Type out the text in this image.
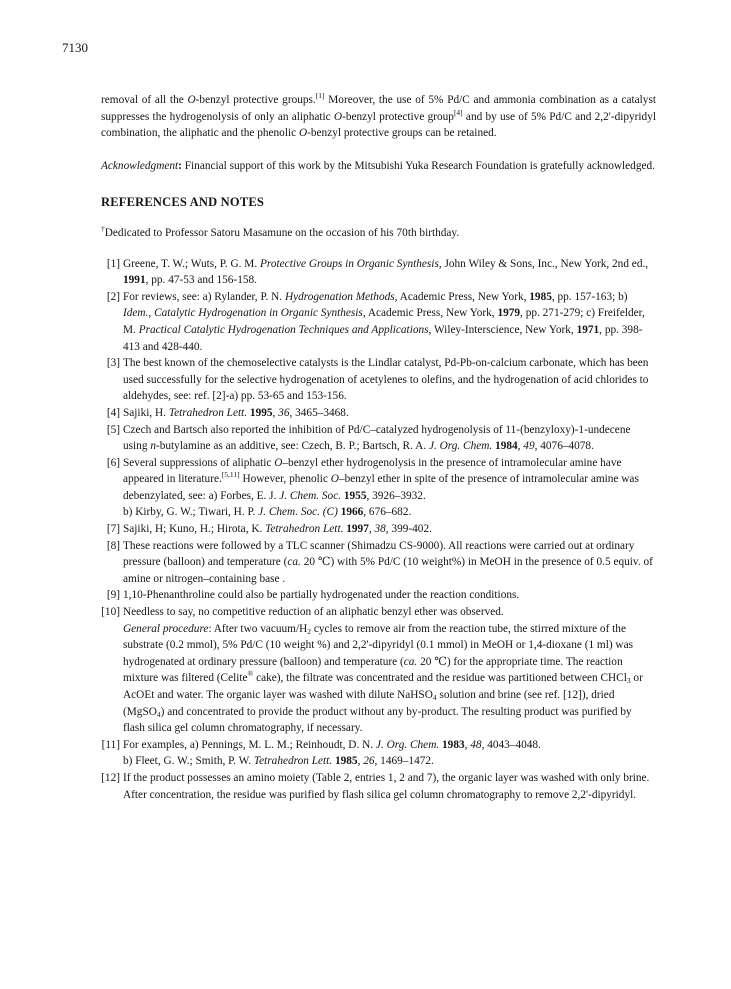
7130

removal of all the O-benzyl protective groups.[1] Moreover, the use of 5% Pd/C and ammonia combination as a catalyst suppresses the hydrogenolysis of only an aliphatic O-benzyl protective group[4] and by use of 5% Pd/C and 2,2'-dipyridyl combination, the aliphatic and the phenolic O-benzyl protective groups can be retained.

Acknowledgment: Financial support of this work by the Mitsubishi Yuka Research Foundation is gratefully acknowledged.

REFERENCES AND NOTES

†Dedicated to Professor Satoru Masamune on the occasion of his 70th birthday.

[1] Greene, T. W.; Wuts, P. G. M. Protective Groups in Organic Synthesis, John Wiley & Sons, Inc., New York, 2nd ed., 1991, pp. 47-53 and 156-158.
[2] For reviews, see: a) Rylander, P. N. Hydrogenation Methods, Academic Press, New York, 1985, pp. 157-163; b) Idem., Catalytic Hydrogenation in Organic Synthesis, Academic Press, New York, 1979, pp. 271-279; c) Freifelder, M. Practical Catalytic Hydrogenation Techniques and Applications, Wiley-Interscience, New York, 1971, pp. 398-413 and 428-440.
[3] The best known of the chemoselective catalysts is the Lindlar catalyst, Pd-Pb-on-calcium carbonate, which has been used successfully for the selective hydrogenation of acetylenes to olefins, and the hydrogenation of acid chlorides to aldehydes, see: ref. [2]-a) pp. 53-65 and 153-156.
[4] Sajiki, H. Tetrahedron Lett. 1995, 36, 3465–3468.
[5] Czech and Bartsch also reported the inhibition of Pd/C–catalyzed hydrogenolysis of 11-(benzyloxy)-1-undecene using n-butylamine as an additive, see: Czech, B. P.; Bartsch, R. A. J. Org. Chem. 1984, 49, 4076–4078.
[6] Several suppressions of aliphatic O–benzyl ether hydrogenolysis in the presence of intramolecular amine have appeared in literature.[5,11] However, phenolic O–benzyl ether in spite of the presence of intramolecular amine was debenzylated, see: a) Forbes, E. J. J. Chem. Soc. 1955, 3926–3932.
b) Kirby, G. W.; Tiwari, H. P. J. Chem. Soc. (C) 1966, 676–682.
[7] Sajiki, H; Kuno, H.; Hirota, K. Tetrahedron Lett. 1997, 38, 399-402.
[8] These reactions were followed by a TLC scanner (Shimadzu CS-9000). All reactions were carried out at ordinary pressure (balloon) and temperature (ca. 20 ℃) with 5% Pd/C (10 weight%) in MeOH in the presence of 0.5 equiv. of amine or nitrogen–containing base .
[9] 1,10-Phenanthroline could also be partially hydrogenated under the reaction conditions.
[10] Needless to say, no competitive reduction of an aliphatic benzyl ether was observed.
General procedure: After two vacuum/$H_2$ cycles to remove air from the reaction tube, the stirred mixture of the substrate (0.2 mmol), 5% Pd/C (10 weight %) and 2,2'-dipyridyl (0.1 mmol) in MeOH or 1,4-dioxane (1 ml) was hydrogenated at ordinary pressure (balloon) and temperature (ca. 20 ℃) for the appropriate time. The reaction mixture was filtered (Celite® cake), the filtrate was concentrated and the residue was partitioned between CHCl$_3$ or AcOEt and water. The organic layer was washed with dilute NaHSO$_4$ solution and brine (see ref. [12]), dried (MgSO$_4$) and concentrated to provide the product without any by-product. The resulting product was purified by flash silica gel column chromatography, if necessary.
[11] For examples, a) Pennings, M. L. M.; Reinhoudt, D. N. J. Org. Chem. 1983, 48, 4043–4048.
b) Fleet, G. W.; Smith, P. W. Tetrahedron Lett. 1985, 26, 1469–1472.
[12] If the product possesses an amino moiety (Table 2, entries 1, 2 and 7), the organic layer was washed with only brine. After concentration, the residue was purified by flash silica gel column chromatography to remove 2,2'-dipyridyl.
